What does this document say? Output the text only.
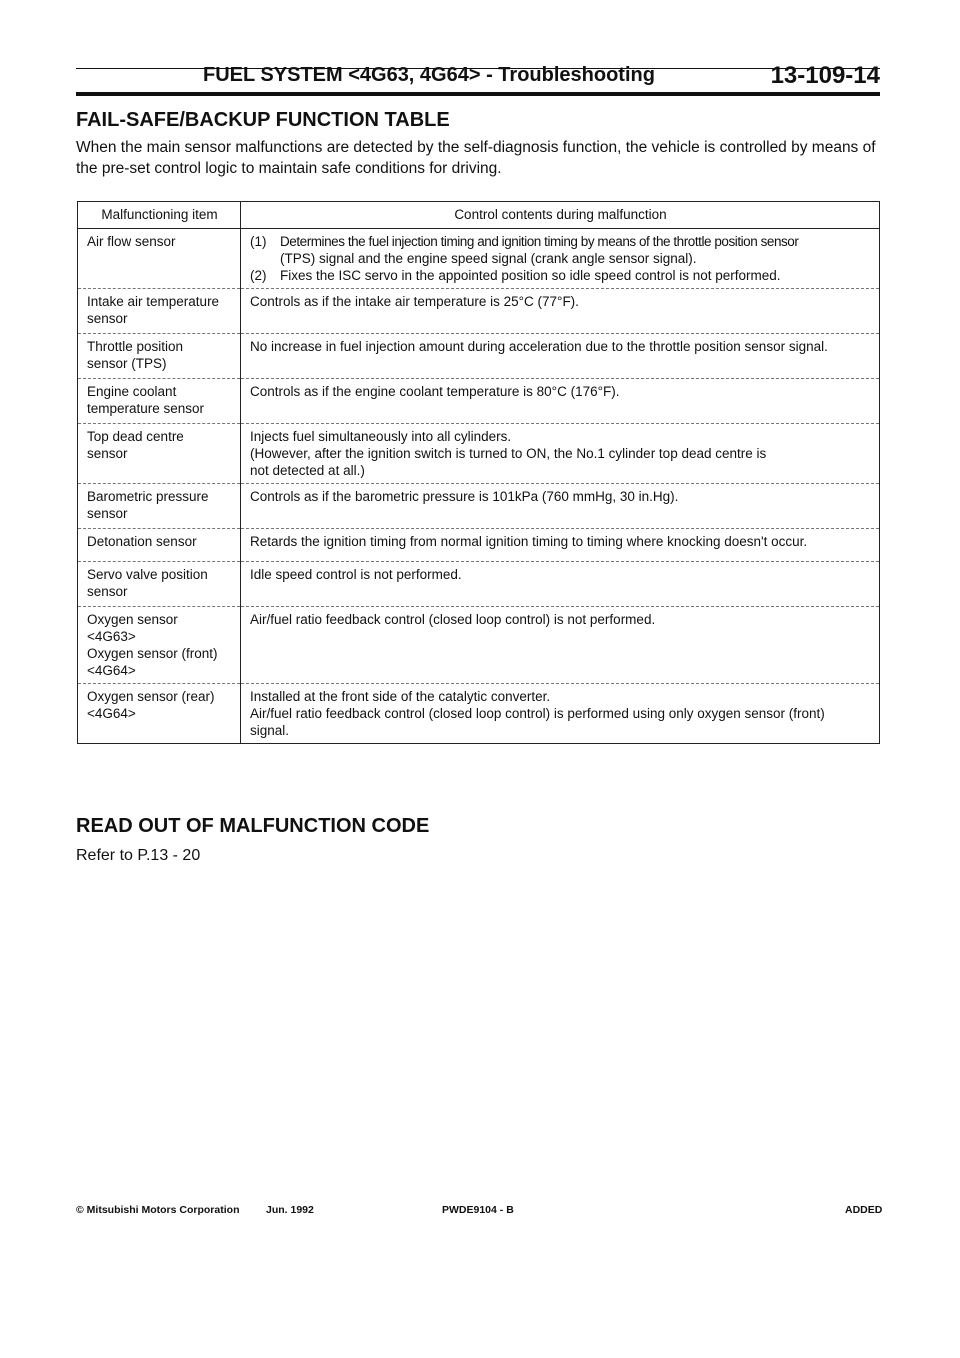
FUEL SYSTEM <4G63, 4G64> - Troubleshooting	13-109-14
FAIL-SAFE/BACKUP FUNCTION TABLE
When the main sensor malfunctions are detected by the self-diagnosis function, the vehicle is controlled by means of the pre-set control logic to maintain safe conditions for driving.
Malfunctioning item	Control contents during malfunction

Air flow sensor	(1) Determines the fuel injection timing and ignition timing by means of the throttle position sensor
(TPS) signal and the engine speed signal (crank angle sensor signal).
(2) Fixes the ISC servo in the appointed position so idle speed control is not performed.

Intake air temperature
sensor	Controls as if the intake air temperature is 25°C (77°F).

Throttle position
sensor (TPS)	No increase in fuel injection amount during acceleration due to the throttle position sensor signal.

Engine coolant
temperature sensor	Controls as if the engine coolant temperature is 80°C (176°F).

Top dead centre
sensor	Injects fuel simultaneously into all cylinders.
(However, after the ignition switch is turned to ON, the No.1 cylinder top dead centre is
not detected at all.)

Barometric pressure
sensor	Controls as if the barometric pressure is 101kPa (760 mmHg, 30 in.Hg).

Detonation sensor	Retards the ignition timing from normal ignition timing to timing where knocking doesn't occur.

Servo valve position
sensor	Idle speed control is not performed.

Oxygen sensor
<4G63>
Oxygen sensor (front)
<4G64>	Air/fuel ratio feedback control (closed loop control) is not performed.

Oxygen sensor (rear)
<4G64>	Installed at the front side of the catalytic converter.
Air/fuel ratio feedback control (closed loop control) is performed using only oxygen sensor (front)
signal.
READ OUT OF MALFUNCTION CODE
Refer to P.13 - 20
© Mitsubishi Motors Corporation	Jun. 1992	PWDE9104 - B	ADDED
